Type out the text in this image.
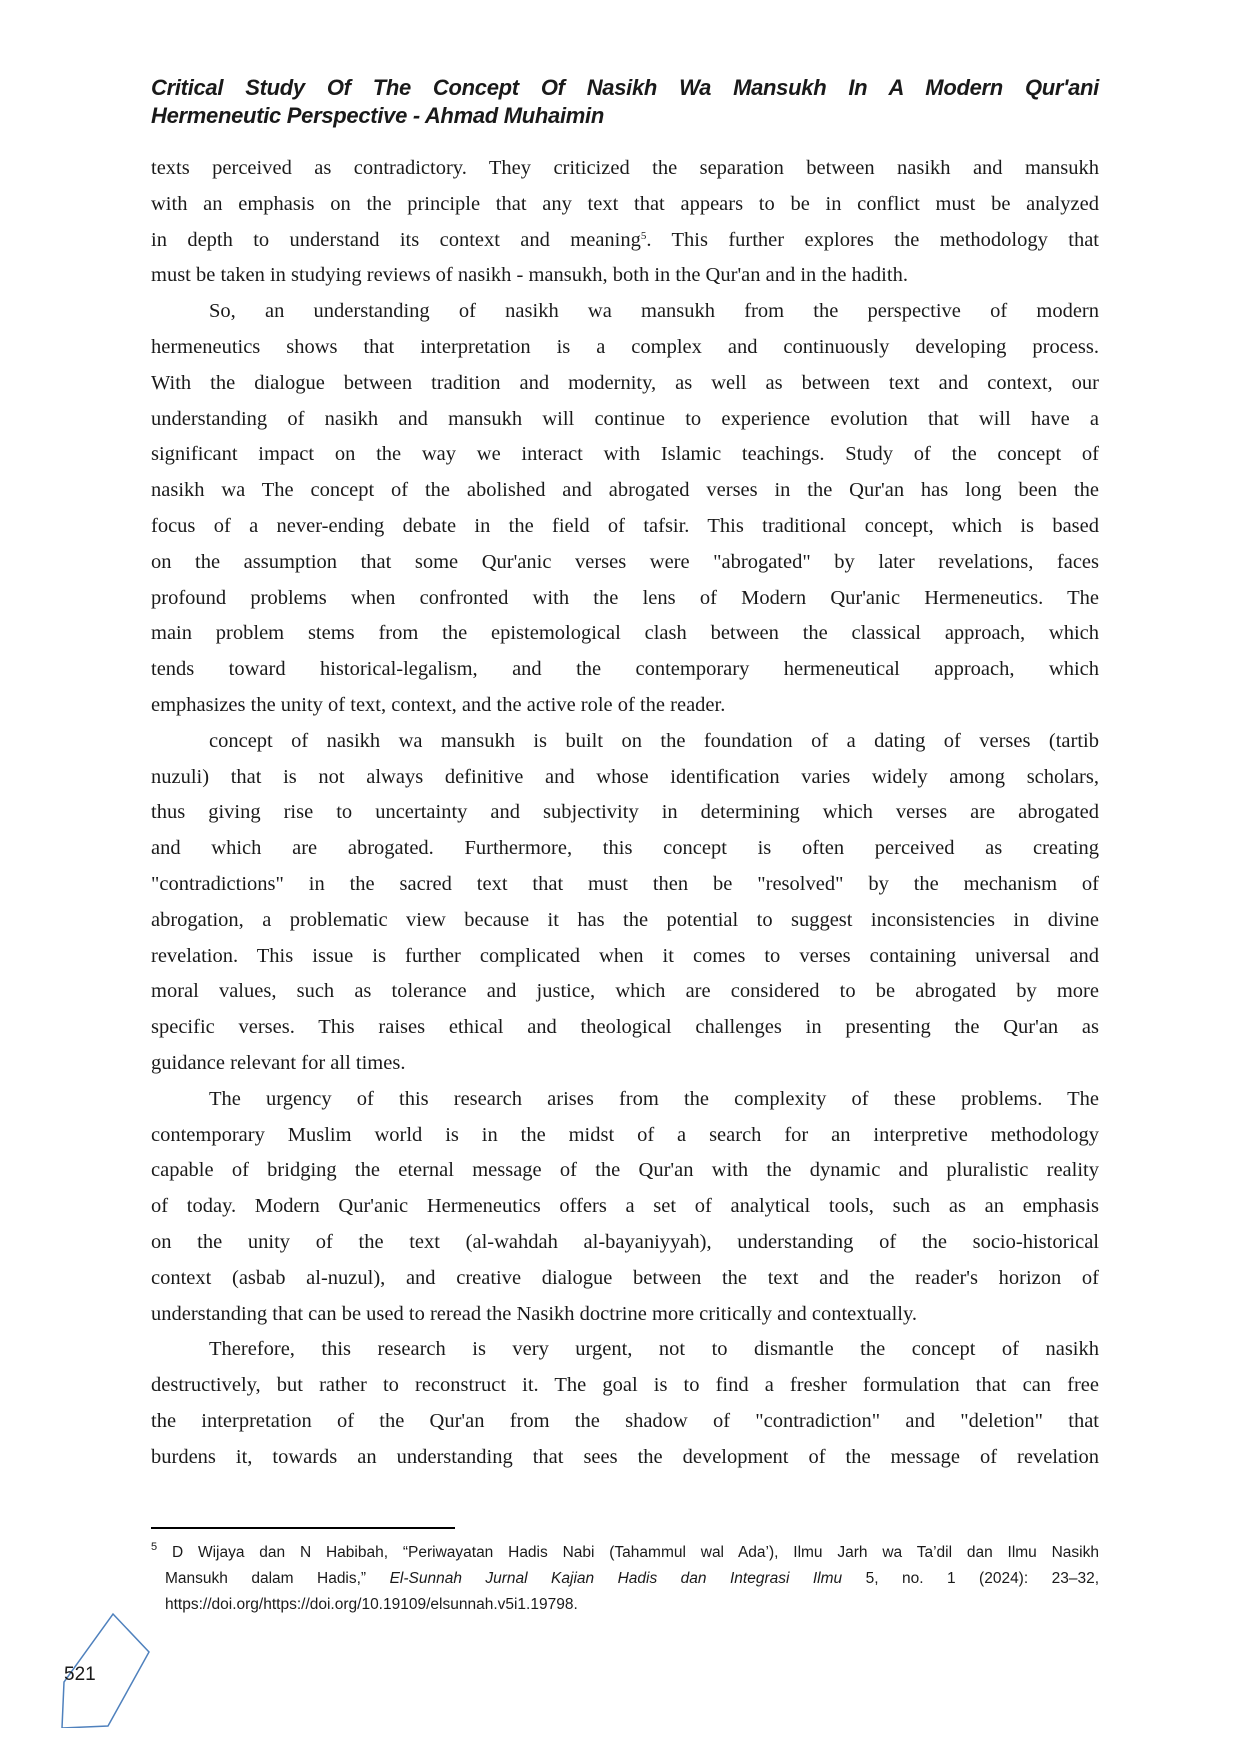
Critical Study Of The Concept Of Nasikh Wa Mansukh In A Modern Qur'ani
Hermeneutic Perspective - Ahmad Muhaimin
texts perceived as contradictory. They criticized the separation between nasikh and mansukh
with an emphasis on the principle that any text that appears to be in conflict must be analyzed
in depth to understand its context and meaning$^5$. This further explores the methodology that
must be taken in studying reviews of nasikh - mansukh, both in the Qur'an and in the hadith.
So, an understanding of nasikh wa mansukh from the perspective of modern
hermeneutics shows that interpretation is a complex and continuously developing process.
With the dialogue between tradition and modernity, as well as between text and context, our
understanding of nasikh and mansukh will continue to experience evolution that will have a
significant impact on the way we interact with Islamic teachings. Study of the concept of
nasikh wa The concept of the abolished and abrogated verses in the Qur'an has long been the
focus of a never-ending debate in the field of tafsir. This traditional concept, which is based
on the assumption that some Qur'anic verses were "abrogated" by later revelations, faces
profound problems when confronted with the lens of Modern Qur'anic Hermeneutics. The
main problem stems from the epistemological clash between the classical approach, which
tends toward historical-legalism, and the contemporary hermeneutical approach, which
emphasizes the unity of text, context, and the active role of the reader.
concept of nasikh wa mansukh is built on the foundation of a dating of verses (tartib
nuzuli) that is not always definitive and whose identification varies widely among scholars,
thus giving rise to uncertainty and subjectivity in determining which verses are abrogated
and which are abrogated. Furthermore, this concept is often perceived as creating
"contradictions" in the sacred text that must then be "resolved" by the mechanism of
abrogation, a problematic view because it has the potential to suggest inconsistencies in divine
revelation. This issue is further complicated when it comes to verses containing universal and
moral values, such as tolerance and justice, which are considered to be abrogated by more
specific verses. This raises ethical and theological challenges in presenting the Qur'an as
guidance relevant for all times.
The urgency of this research arises from the complexity of these problems. The
contemporary Muslim world is in the midst of a search for an interpretive methodology
capable of bridging the eternal message of the Qur'an with the dynamic and pluralistic reality
of today. Modern Qur'anic Hermeneutics offers a set of analytical tools, such as an emphasis
on the unity of the text (al-wahdah al-bayaniyyah), understanding of the socio-historical
context (asbab al-nuzul), and creative dialogue between the text and the reader's horizon of
understanding that can be used to reread the Nasikh doctrine more critically and contextually.
Therefore, this research is very urgent, not to dismantle the concept of nasikh
destructively, but rather to reconstruct it. The goal is to find a fresher formulation that can free
the interpretation of the Qur'an from the shadow of "contradiction" and "deletion" that
burdens it, towards an understanding that sees the development of the message of revelation
$^5$ D Wijaya dan N Habibah, “Periwayatan Hadis Nabi (Tahammul wal Ada’), Ilmu Jarh wa Ta’dil dan Ilmu Nasikh
Mansukh dalam Hadis,” El-Sunnah Jurnal Kajian Hadis dan Integrasi Ilmu 5, no. 1 (2024): 23–32,
https://doi.org/https://doi.org/10.19109/elsunnah.v5i1.19798.
521
